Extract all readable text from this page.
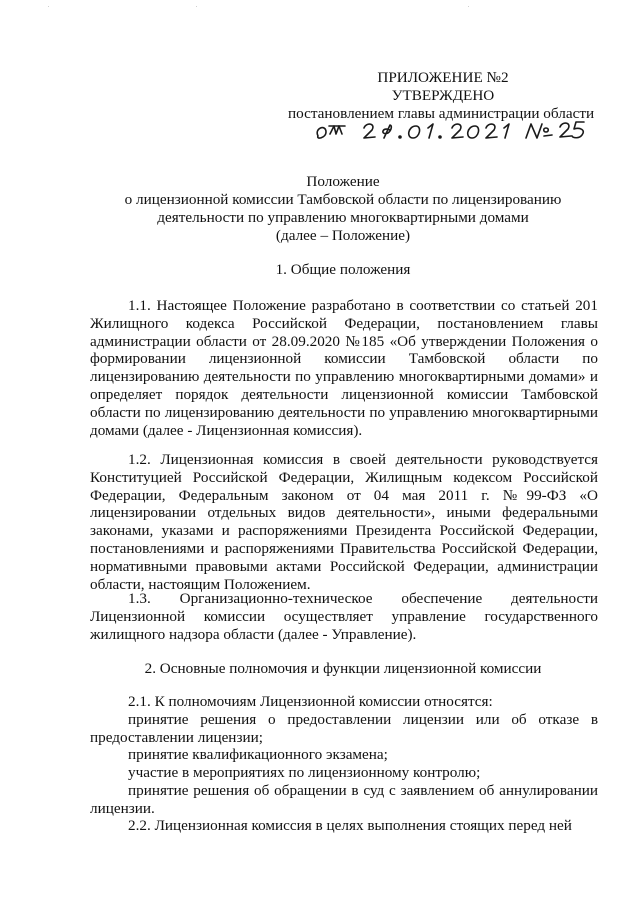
ПРИЛОЖЕНИЕ №2
УТВЕРЖДЕНО
постановлением главы администрации области
Положение
о лицензионной комиссии Тамбовской области по лицензированию
деятельности по управлению многоквартирными домами
(далее – Положение)
1. Общие положения

1.1. Настоящее Положение разработано в соответствии со статьей 201 Жилищного кодекса Российской Федерации, постановлением главы администрации области от 28.09.2020 №185 «Об утверждении Положения о формировании лицензионной комиссии Тамбовской области по лицензированию деятельности по управлению многоквартирными домами» и определяет порядок деятельности лицензионной комиссии Тамбовской области по лицензированию деятельности по управлению многоквартирными домами (далее - Лицензионная комиссия).

1.2. Лицензионная комиссия в своей деятельности руководствуется Конституцией Российской Федерации, Жилищным кодексом Российской Федерации, Федеральным законом от 04 мая 2011 г. №99-ФЗ «О лицензировании отдельных видов деятельности», иными федеральными законами, указами и распоряжениями Президента Российской Федерации, постановлениями и распоряжениями Правительства Российской Федерации, нормативными правовыми актами Российской Федерации, администрации области, настоящим Положением.

1.3. Организационно-техническое обеспечение деятельности Лицензионной комиссии осуществляет управление государственного жилищного надзора области (далее - Управление).

2. Основные полномочия и функции лицензионной комиссии

2.1. К полномочиям Лицензионной комиссии относятся:

принятие решения о предоставлении лицензии или об отказе в предоставлении лицензии;

принятие квалификационного экзамена;

участие в мероприятиях по лицензионному контролю;

принятие решения об обращении в суд с заявлением об аннулировании лицензии.

2.2. Лицензионная комиссия в целях выполнения стоящих перед ней
